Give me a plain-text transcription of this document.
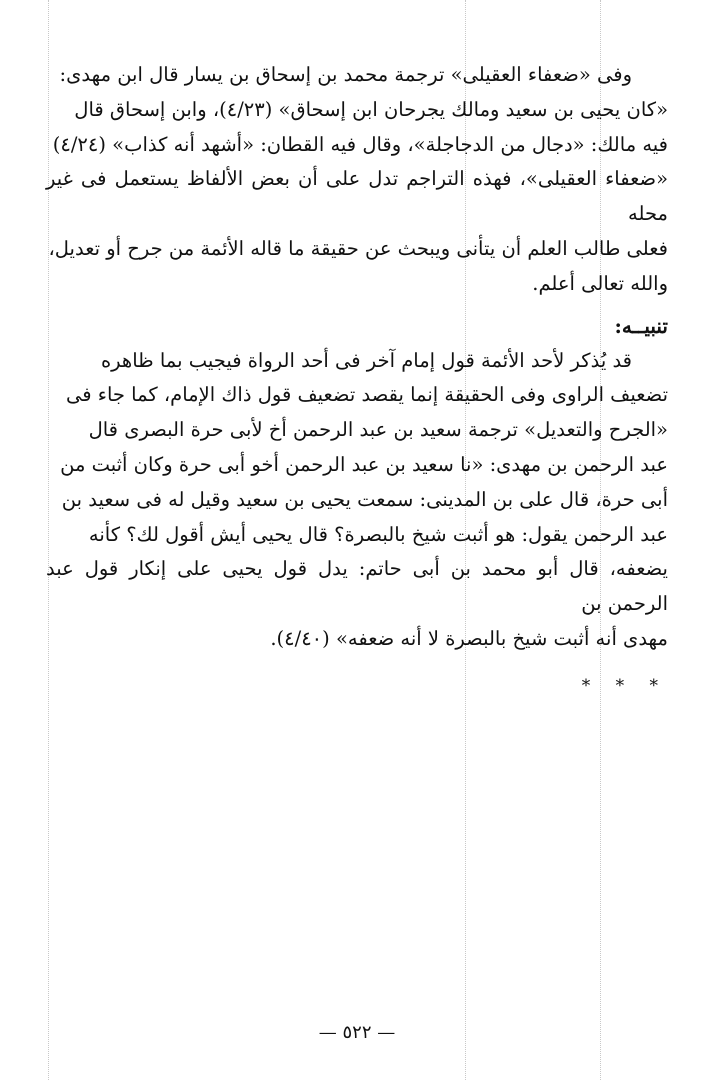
وفى «ضعفاء العقيلى» ترجمة محمد بن إسحاق بن يسار قال ابن مهدى:

«كان يحيى بن سعيد ومالك يجرحان ابن إسحاق» (٤/٢٣)، وابن إسحاق قال

فيه مالك: «دجال من الدجاجلة»، وقال فيه القطان: «أشهد أنه كذاب» (٤/٢٤)

«ضعفاء العقيلى»، فهذه التراجم تدل على أن بعض الألفاظ يستعمل فى غير محله

فعلى طالب العلم أن يتأنى ويبحث عن حقيقة ما قاله الأئمة من جرح أو تعديل،

والله تعالى أعلم.

تنبيــه:

قد يُذكر لأحد الأئمة قول إمام آخر فى أحد الرواة فيجيب بما ظاهره

تضعيف الراوى وفى الحقيقة إنما يقصد تضعيف قول ذاك الإمام، كما جاء فى

«الجرح والتعديل» ترجمة سعيد بن عبد الرحمن أخ لأبى حرة البصرى قال

عبد الرحمن بن مهدى: «نا سعيد بن عبد الرحمن أخو أبى حرة وكان أثبت من

أبى حرة، قال على بن المدينى: سمعت يحيى بن سعيد وقيل له فى سعيد بن

عبد الرحمن يقول: هو أثبت شيخ بالبصرة؟ قال يحيى أيش أقول لك؟ كأنه

يضعفه، قال أبو محمد بن أبى حاتم: يدل قول يحيى على إنكار قول عبد الرحمن بن

مهدى أنه أثبت شيخ بالبصرة لا أنه ضعفه» (٤/٤٠).

* * *
— ٥٢٢ —
